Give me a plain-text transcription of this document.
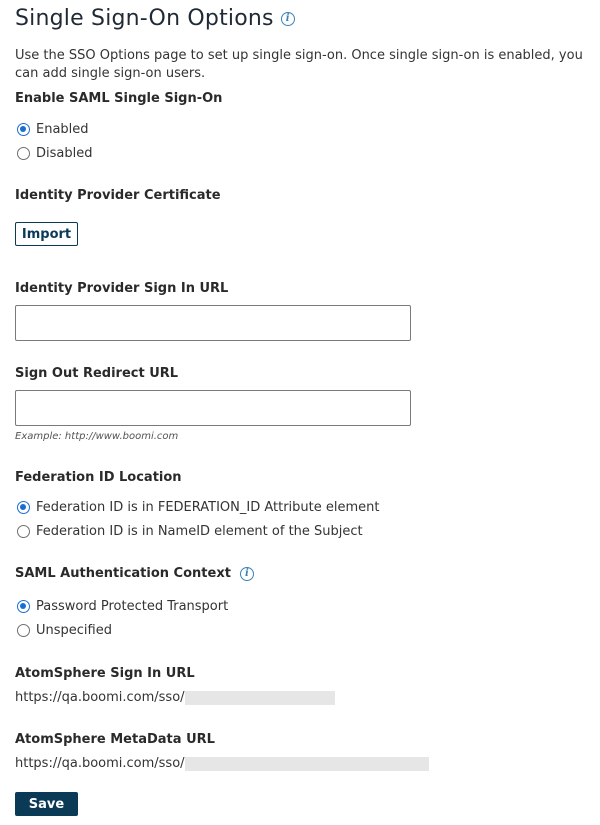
Single Sign-On Options	i
Use the SSO Options page to set up single sign-on. Once single sign-on is enabled, you can add single sign-on users.
Enable SAML Single Sign-On
Enabled
Disabled
Identity Provider Certificate
Import
Identity Provider Sign In URL
Sign Out Redirect URL
Example: http://www.boomi.com
Federation ID Location
Federation ID is in FEDERATION_ID Attribute element
Federation ID is in NameID element of the Subject
SAML Authentication Context	i
Password Protected Transport
Unspecified
AtomSphere Sign In URL
https://qa.boomi.com/sso/
AtomSphere MetaData URL
https://qa.boomi.com/sso/
Save
